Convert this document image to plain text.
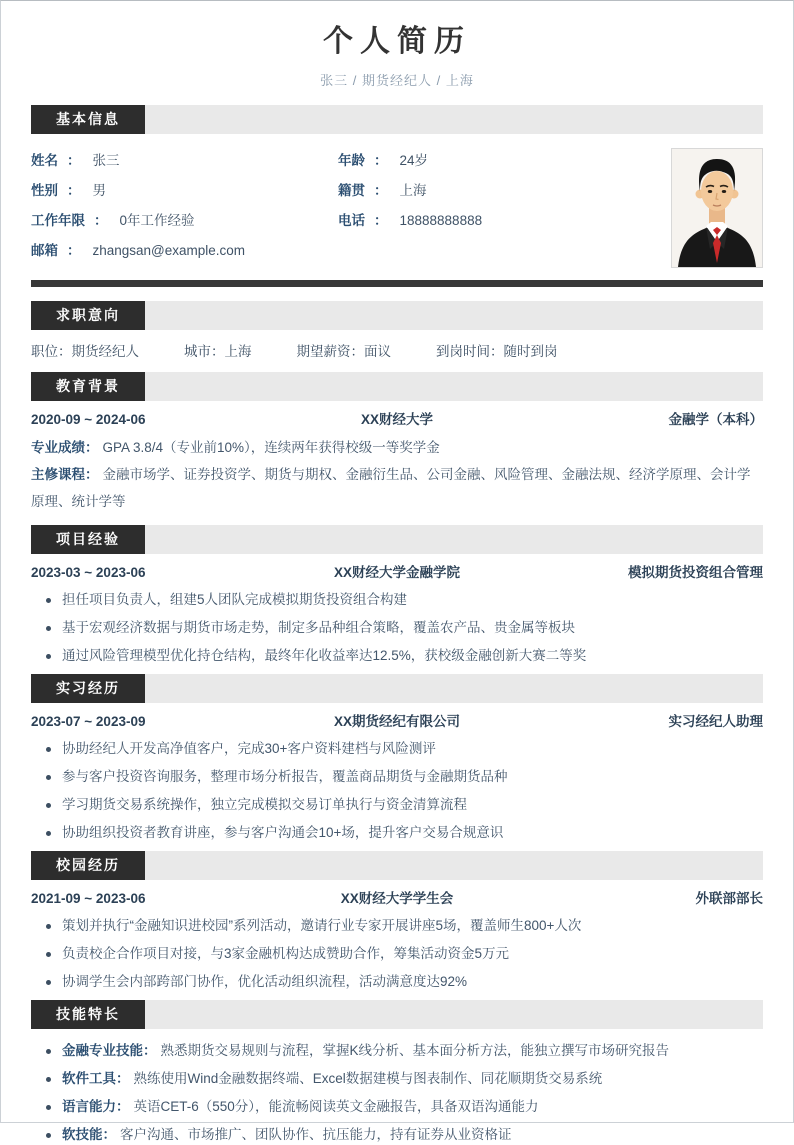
个人简历
张三 / 期货经纪人 / 上海
基本信息
姓名 ： 张三	年龄 ： 24岁
性别 ： 男	籍贯 ： 上海
工作年限 ： 0年工作经验	电话 ： 18888888888
邮箱 ： zhangsan@example.com
求职意向
职位：期货经纪人	城市：上海	期望薪资：面议	到岗时间：随时到岗
教育背景
2020-09 ~ 2024-06	XX财经大学	金融学（本科）
专业成绩： GPA 3.8/4（专业前10%），连续两年获得校级一等奖学金
主修课程： 金融市场学、证券投资学、期货与期权、金融衍生品、公司金融、风险管理、金融法规、经济学原理、会计学原理、统计学等
项目经验
2023-03 ~ 2023-06	XX财经大学金融学院	模拟期货投资组合管理
担任项目负责人，组建5人团队完成模拟期货投资组合构建
基于宏观经济数据与期货市场走势，制定多品种组合策略，覆盖农产品、贵金属等板块
通过风险管理模型优化持仓结构，最终年化收益率达12.5%，获校级金融创新大赛二等奖
实习经历
2023-07 ~ 2023-09	XX期货经纪有限公司	实习经纪人助理
协助经纪人开发高净值客户，完成30+客户资料建档与风险测评
参与客户投资咨询服务，整理市场分析报告，覆盖商品期货与金融期货品种
学习期货交易系统操作，独立完成模拟交易订单执行与资金清算流程
协助组织投资者教育讲座，参与客户沟通会10+场，提升客户交易合规意识
校园经历
2021-09 ~ 2023-06	XX财经大学学生会	外联部部长
策划并执行“金融知识进校园”系列活动，邀请行业专家开展讲座5场，覆盖师生800+人次
负责校企合作项目对接，与3家金融机构达成赞助合作，筹集活动资金5万元
协调学生会内部跨部门协作，优化活动组织流程，活动满意度达92%
技能特长
金融专业技能： 熟悉期货交易规则与流程，掌握K线分析、基本面分析方法，能独立撰写市场研究报告
软件工具： 熟练使用Wind金融数据终端、Excel数据建模与图表制作、同花顺期货交易系统
语言能力： 英语CET-6（550分），能流畅阅读英文金融报告，具备双语沟通能力
软技能： 客户沟通、市场推广、团队协作、抗压能力，持有证券从业资格证
